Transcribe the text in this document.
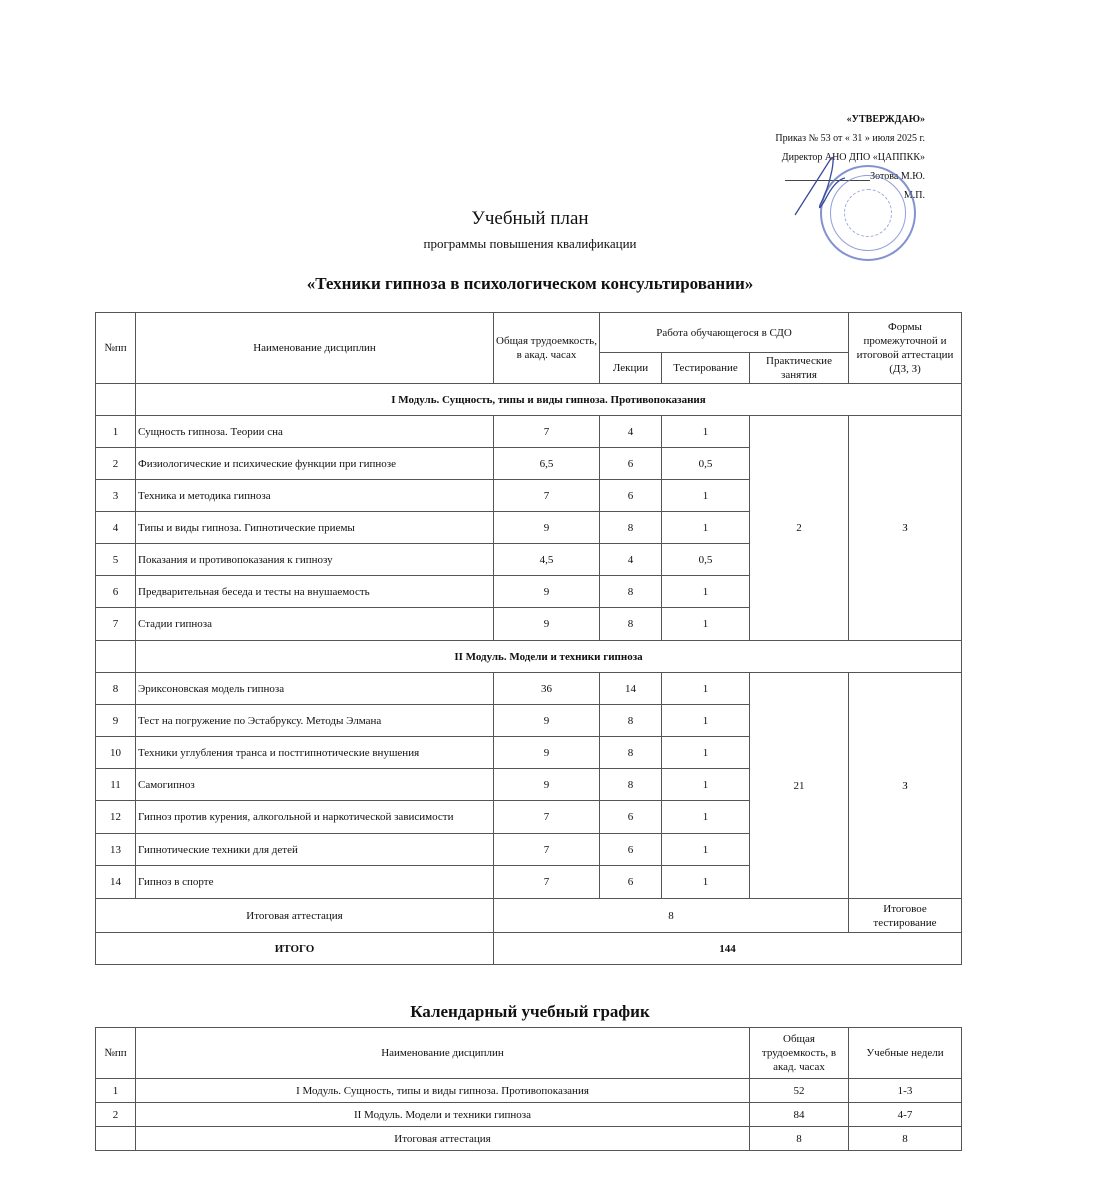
«УТВЕРЖДАЮ»
Приказ № 53 от « 31 » июля 2025 г.
Директор АНО ДПО «ЦАППКК»
Зотова М.Ю.
М.П.
Учебный план
программы повышения квалификации
«Техники гипноза в психологическом консультировании»
№пп	Наименование дисциплин	Общая трудоемкость, в акад. часах	Работа обучающегося в СДО			Формы промежуточной и итоговой аттестации (ДЗ, З)
			Лекции	Тестирование	Практические занятия	
	I Модуль. Сущность, типы и виды гипноза. Противопоказания					
1	Сущность гипноза. Теории сна	7	4	1	2	З
2	Физиологические и психические функции при гипнозе	6,5	6	0,5		
3	Техника и методика гипноза	7	6	1		
4	Типы и виды гипноза. Гипнотические приемы	9	8	1		
5	Показания и противопоказания к гипнозу	4,5	4	0,5		
6	Предварительная беседа и тесты на внушаемость	9	8	1		
7	Стадии гипноза	9	8	1		
	II Модуль. Модели и техники гипноза					
8	Эриксоновская модель гипноза	36	14	1	21	З
9	Тест на погружение по Эстабруксу. Методы Элмана	9	8	1		
10	Техники углубления транса и постгипнотические внушения	9	8	1		
11	Самогипноз	9	8	1		
12	Гипноз против курения, алкогольной и наркотической зависимости	7	6	1		
13	Гипнотические техники для детей	7	6	1		
14	Гипноз в спорте	7	6	1		
Итоговая аттестация		8				Итоговое тестирование
ИТОГО		144				
Календарный учебный график
№пп	Наименование дисциплин	Общая трудоемкость, в акад. часах	Учебные недели
1	I Модуль. Сущность, типы и виды гипноза. Противопоказания	52	1-3
2	II Модуль. Модели и техники гипноза	84	4-7
	Итоговая аттестация	8	8
